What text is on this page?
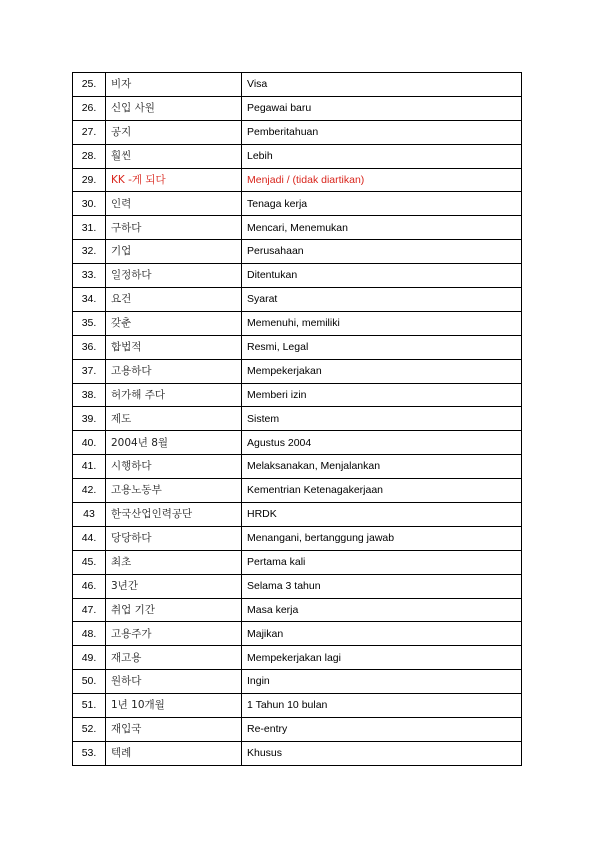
25.	비자	Visa
26.	신입 사원	Pegawai baru
27.	공지	Pemberitahuan
28.	훨씬	Lebih
29.	KK -게 되다	Menjadi / (tidak diartikan)
30.	인력	Tenaga kerja
31.	구하다	Mencari, Menemukan
32.	기업	Perusahaan
33.	일정하다	Ditentukan
34.	요건	Syarat
35.	갖춘	Memenuhi, memiliki
36.	합법적	Resmi, Legal
37.	고용하다	Mempekerjakan
38.	허가해 주다	Memberi izin
39.	제도	Sistem
40.	2004년 8월	Agustus 2004
41.	시행하다	Melaksanakan, Menjalankan
42.	고용노동부	Kementrian Ketenagakerjaan
43	한국산업인력공단	HRDK
44.	당당하다	Menangani, bertanggung jawab
45.	최초	Pertama kali
46.	3년간	Selama 3 tahun
47.	취업 기간	Masa kerja
48.	고용주가	Majikan
49.	재고용	Mempekerjakan lagi
50.	원하다	Ingin
51.	1년 10개월	1 Tahun 10 bulan
52.	재입국	Re-entry
53.	텍례	Khusus
